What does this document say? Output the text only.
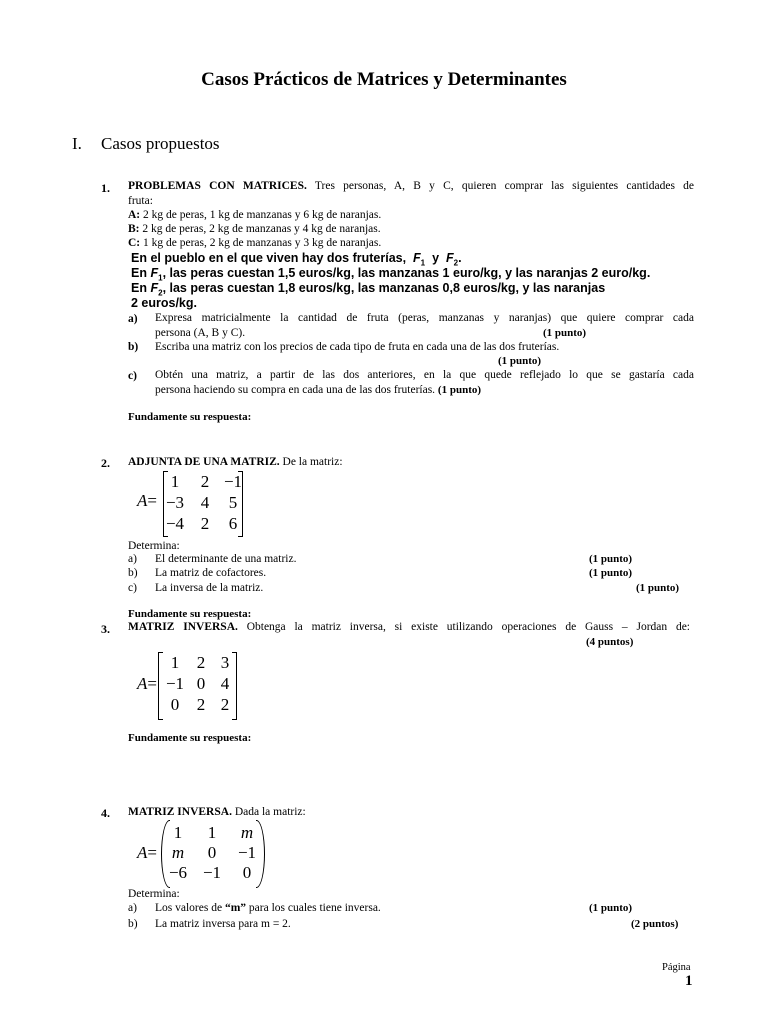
Casos Prácticos de Matrices y Determinantes
I. Casos propuestos
1. PROBLEMAS CON MATRICES. Tres personas, A, B y C, quieren comprar las siguientes cantidades de
fruta:
A: 2 kg de peras, 1 kg de manzanas y 6 kg de naranjas.
B: 2 kg de peras, 2 kg de manzanas y 4 kg de naranjas.
C: 1 kg de peras, 2 kg de manzanas y 3 kg de naranjas.
En el pueblo en el que viven hay dos fruterías, $F_1$ y $F_2$.
En $F_1$, las peras cuestan 1,5 euros/kg, las manzanas 1 euro/kg, y las naranjas 2 euro/kg.
En $F_2$, las peras cuestan 1,8 euros/kg, las manzanas 0,8 euros/kg, y las naranjas
2 euros/kg.
a) Expresa matricialmente la cantidad de fruta (peras, manzanas y naranjas) que quiere comprar cada
persona (A, B y C).	(1 punto)
b) Escriba una matriz con los precios de cada tipo de fruta en cada una de las dos fruterías.
(1 punto)
c) Obtén una matriz, a partir de las dos anteriores, en la que quede reflejado lo que se gastaría cada
persona haciendo su compra en cada una de las dos fruterías. (1 punto)
Fundamente su respuesta:
2. ADJUNTA DE UNA MATRIZ. De la matriz:
A=
1	2 −1
−3 4	5
−4 2	6
Determina:
a) El determinante de una matriz.	(1 punto)
b) La matriz de cofactores.	(1 punto)
c) La inversa de la matriz.	(1 punto)
Fundamente su respuesta:
3. MATRIZ INVERSA. Obtenga la matriz inversa, si existe utilizando operaciones de Gauss – Jordan de:
(4 puntos)
A=
1	2 3
−1 0 4
0	2 2
Fundamente su respuesta:
4. MATRIZ INVERSA. Dada la matriz:
A=
1	1	m
m	0	−1
−6 −1	0
Determina:
a) Los valores de “m” para los cuales tiene inversa.	(1 punto)
b) La matriz inversa para m = 2.	(2 puntos)
Página
1
